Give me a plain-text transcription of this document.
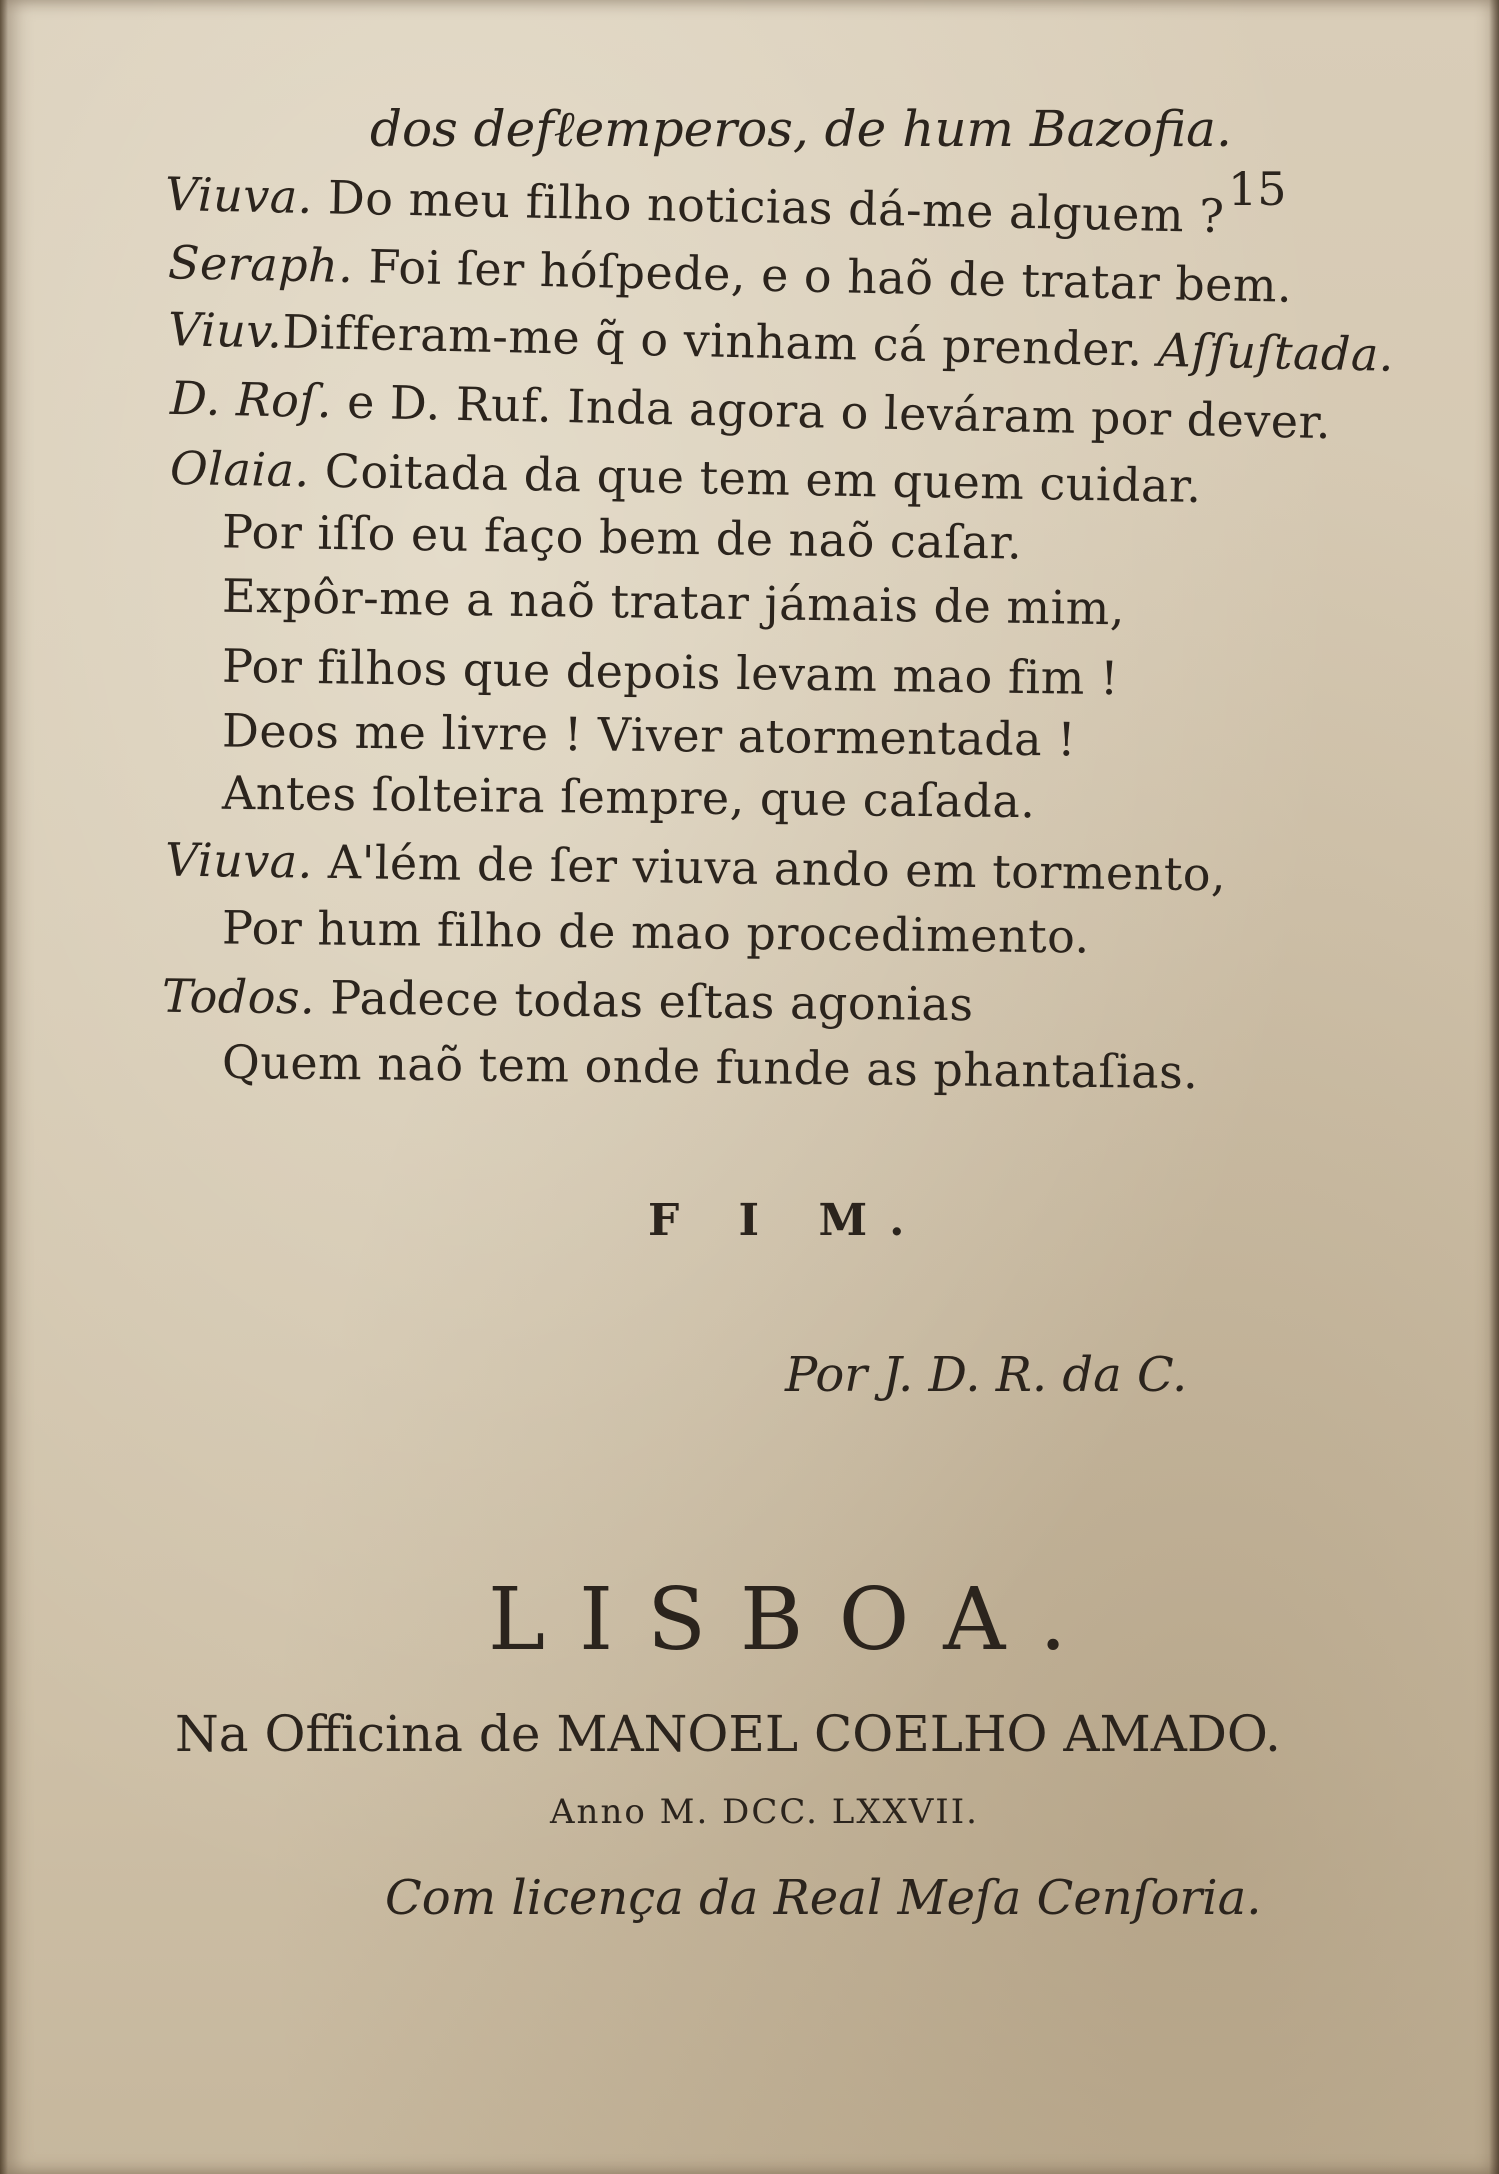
dos defℓemperos, de hum Bazofia.
15
Viuva. Do meu filho noticias dá-me alguem ?
Seraph. Foi ſer hóſpede, e o haõ de tratar bem.
Viuv.Differam-me q̃ o vinham cá prender. Aſſuſtada.
D. Roſ. e D. Ruf. Inda agora o leváram por dever.
Olaia. Coitada da que tem em quem cuidar.
Por iſſo eu faço bem de naõ caſar.
Expôr-me a naõ tratar jámais de mim,
Por filhos que depois levam mao fim !
Deos me livre ! Viver atormentada !
Antes ſolteira ſempre, que caſada.
Viuva. A'lém de ſer viuva ando em tormento,
Por hum filho de mao procedimento.
Todos. Padece todas eſtas agonias
Quem naõ tem onde funde as phantaſias.
F I M.
Por J. D. R. da C.
LISBOA.
Na Officina de MANOEL COELHO AMADO.
Anno M. DCC. LXXVII.
Com licença da Real Meſa Cenſoria.
